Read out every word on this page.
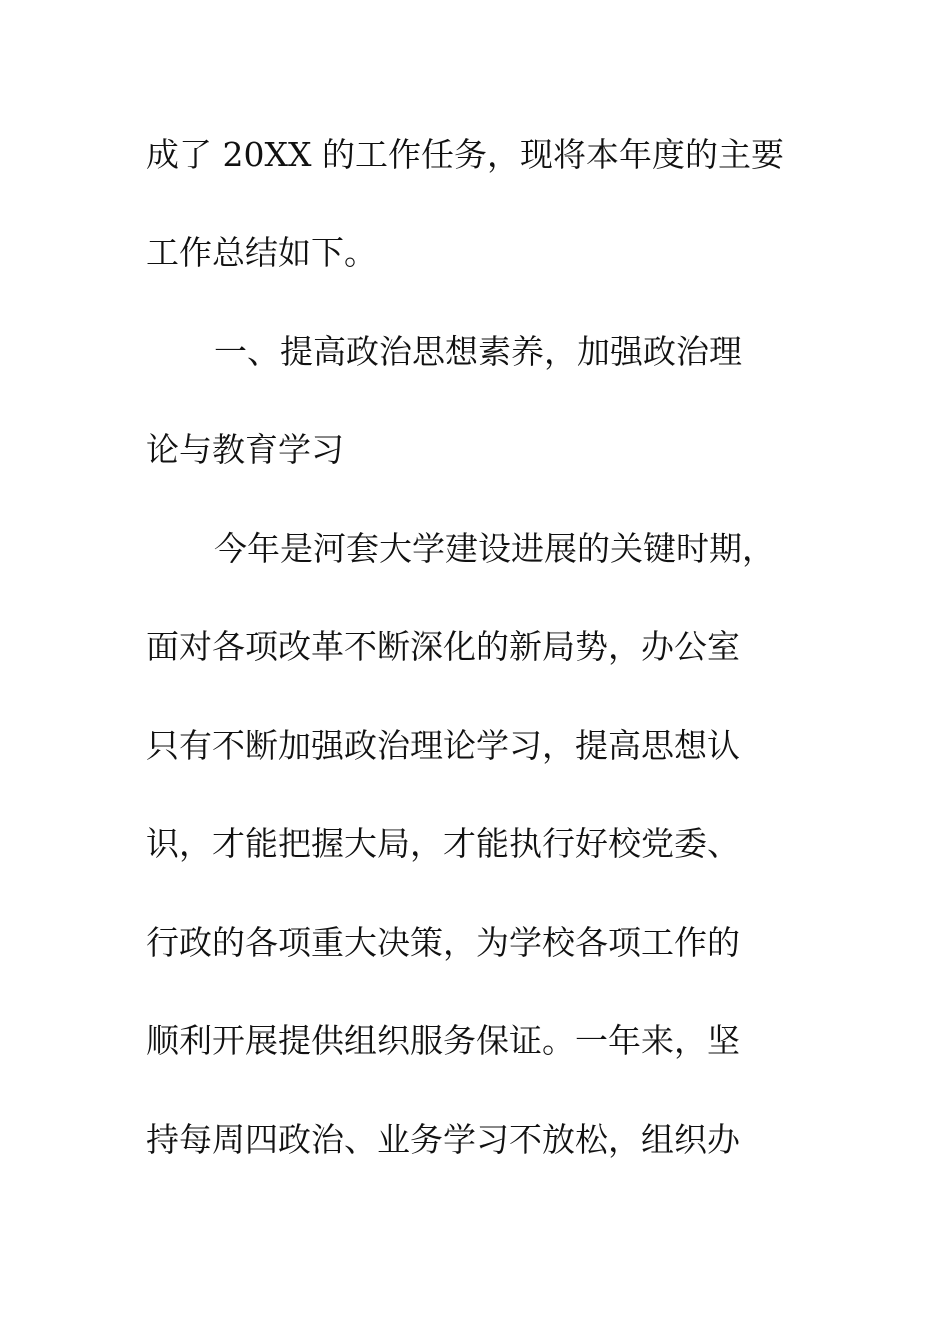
成了 20XX 的工作任务，现将本年度的主要
工作总结如下。
一、提高政治思想素养，加强政治理
论与教育学习
今年是河套大学建设进展的关键时期，
面对各项改革不断深化的新局势，办公室
只有不断加强政治理论学习，提高思想认
识，才能把握大局，才能执行好校党委、
行政的各项重大决策，为学校各项工作的
顺利开展提供组织服务保证。一年来，坚
持每周四政治、业务学习不放松，组织办
